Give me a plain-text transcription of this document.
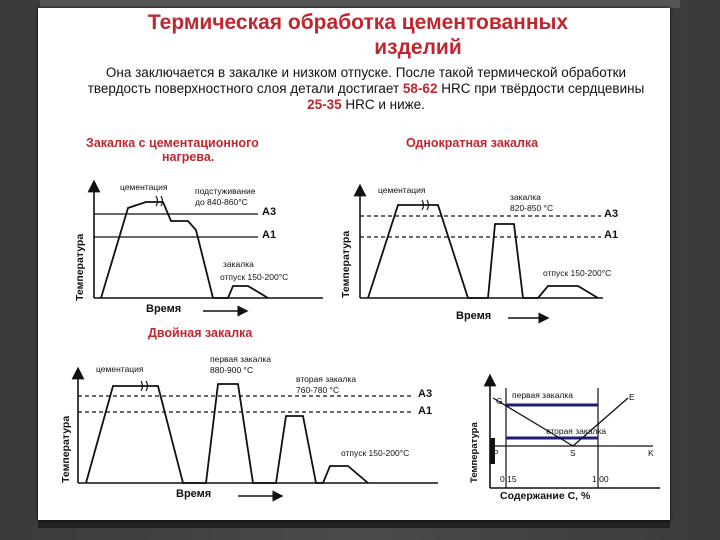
Термическая обработка цементованных
изделий
Она заключается в закалке и низком отпуске. После такой термической обработки твердость поверхностного слоя детали достигает 58-62 HRC при твёрдости сердцевины 25-35 HRC и ниже.
Закалка с цементационного
нагрева.
Однократная закалка
Двойная закалка
Температура
цементация	подстуживание
до 840-860°С
A3
A1
закалка
отпуск 150-200°С
Время
Температура
цементация
закалка
820-850 °С	A3
A1
отпуск 150-200°С
Время
Температура
цементация
первая закалка
880-900 °С
вторая закалка
760-780 °С	A3
A1
отпуск 150-200°С
Время
Температура
первая закалка
вторая закалка
G	E
P	S	K
0.15	1.00
Содержание С, %
